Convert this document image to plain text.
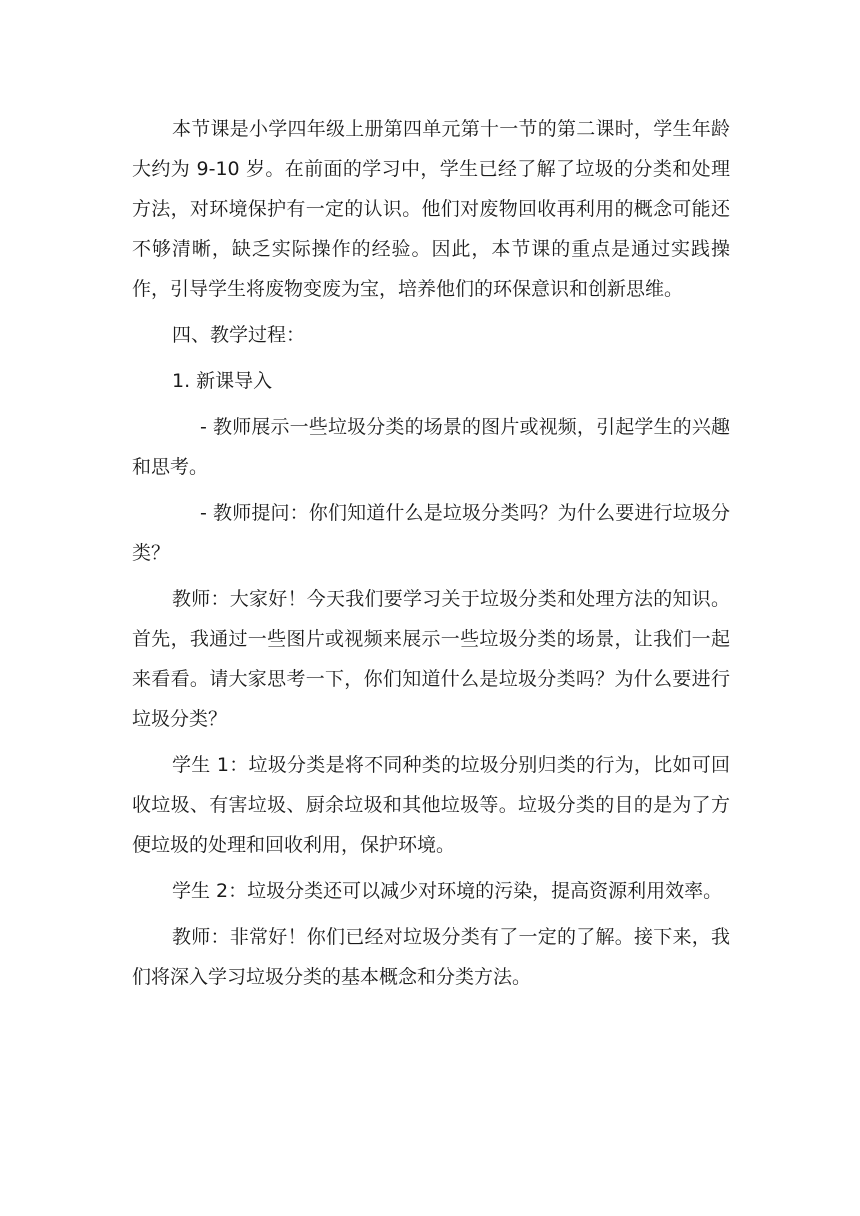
本节课是小学四年级上册第四单元第十一节的第二课时，学生年龄大约为 9-10 岁。在前面的学习中，学生已经了解了垃圾的分类和处理方法，对环境保护有一定的认识。他们对废物回收再利用的概念可能还不够清晰，缺乏实际操作的经验。因此，本节课的重点是通过实践操作，引导学生将废物变废为宝，培养他们的环保意识和创新思维。

四、教学过程：

1. 新课导入

- 教师展示一些垃圾分类的场景的图片或视频，引起学生的兴趣和思考。

- 教师提问：你们知道什么是垃圾分类吗？为什么要进行垃圾分类？

教师：大家好！今天我们要学习关于垃圾分类和处理方法的知识。首先，我通过一些图片或视频来展示一些垃圾分类的场景，让我们一起来看看。请大家思考一下，你们知道什么是垃圾分类吗？为什么要进行垃圾分类？

学生 1：垃圾分类是将不同种类的垃圾分别归类的行为，比如可回收垃圾、有害垃圾、厨余垃圾和其他垃圾等。垃圾分类的目的是为了方便垃圾的处理和回收利用，保护环境。

学生 2：垃圾分类还可以减少对环境的污染，提高资源利用效率。

教师：非常好！你们已经对垃圾分类有了一定的了解。接下来，我们将深入学习垃圾分类的基本概念和分类方法。
